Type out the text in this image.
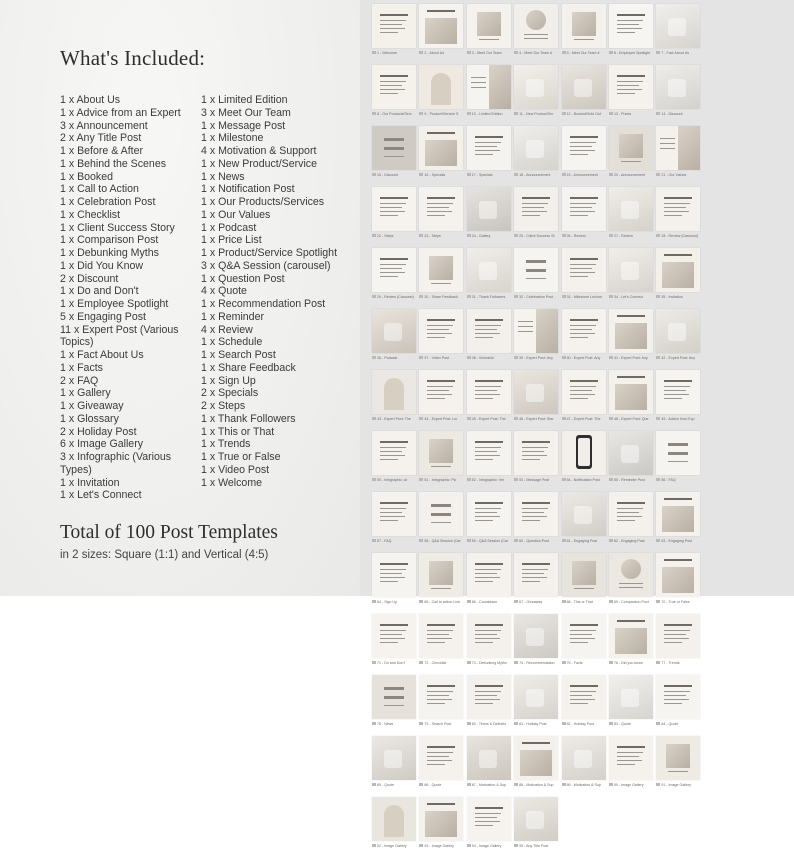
What's Included:
1 x About Us
1 x Advice from an Expert
3 x Announcement
2 x Any Title Post
1 x Before & After
1 x Behind the Scenes
1 x Booked
1 x Call to Action
1 x Celebration Post
1 x Checklist
1 x Client Success Story
1 x Comparison Post
1 x Debunking Myths
1 x Did You Know
2 x Discount
1 x Do and Don't
1 x Employee Spotlight
5 x Engaging Post
11 x Expert Post (Various Topics)
1 x Fact About Us
1 x Facts
2 x FAQ
1 x Gallery
1 x Giveaway
1 x Glossary
2 x Holiday Post
6 x Image Gallery
3 x Infographic (Various Types)
1 x Invitation
1 x Let's Connect
1 x Limited Edition
3 x Meet Our Team
1 x Message Post
1 x Milestone
4 x Motivation & Support
1 x New Product/Service
1 x News
1 x Notification Post
1 x Our Products/Services
1 x Our Values
1 x Podcast
1 x Price List
1 x Product/Service Spotlight
3 x Q&A Session (carousel)
1 x Question Post
4 x Quote
1 x Recommendation Post
1 x Reminder
4 x Review
1 x Schedule
1 x Search Post
1 x Share Feedback
1 x Sign Up
2 x Specials
2 x Steps
1 x Thank Followers
1 x This or That
1 x Trends
1 x True or False
1 x Video Post
1 x Welcome
Total of 100 Post Templates
in 2 sizes: Square (1:1) and Vertical (4:5)
1 - Welcome	2 - About Us	3 - Meet Our Team	4 - Meet Our Team #	5 - Meet Our Team #	6 - Employee Spotlight	7 - Fact About Us
8 - Our Products/Serv	9 - Product/Service S	10 - Limited Edition	11 - New Product/Ser	12 - Booked/Sold Out	13 - Prices	14 - Discount
15 - Discount	16 - Specials	17 - Specials	18 - Announcement	19 - Announcement	20 - Announcement	21 - Our Values
22 - Steps	23 - Steps	24 - Gallery	25 - Client Success St	26 - Review	27 - Review	28 - Review (Carousel)
29 - Review (Carousel)	30 - Share Feedback	31 - Thank Followers	32 - Celebration Post	33 - Milestone Lecture	34 - Let's Connect	35 - Invitation
36 - Podcast	37 - Video Post	38 - Schedule	39 - Expert Post: Any	40 - Expert Post: Any	41 - Expert Post: Any	42 - Expert Post: Any
43 - Expert Post: The	44 - Expert Post: Lor	45 - Expert Post: The	46 - Expert Post: Star	47 - Expert Post: The	48 - Expert Post: Que	49 - Advice from Exp
50 - Infographic: Ar	51 - Infographic: Pic	52 - Infographic: Ver	53 - Message Post	54 - Notification Post	55 - Reminder Post	56 - FAQ
57 - FAQ	58 - Q&A Session (Car	59 - Q&A Session (Car	60 - Question Post	61 - Engaging Post	62 - Engaging Post	63 - Engaging Post
64 - Sign Up	65 - Call to action Link	66 - Countdown	67 - Giveaway	68 - This or That	69 - Comparison Post	70 - True or False
71 - Do and Don't	72 - Checklist	73 - Debunking Myths	74 - Recommendation	75 - Facts	76 - Did you know	77 - Trends
78 - News	79 - Search Post	80 - Terms & Definitio	81 - Holiday Post	82 - Holiday Post	83 - Quote	84 - Quote
85 - Quote	86 - Quote	87 - Motivation & Sup	88 - Motivation & Sup	89 - Motivation & Sup	90 - Image Gallery	91 - Image Gallery
92 - Image Gallery	93 - Image Gallery	94 - Image Gallery	95 - Any Title Post
